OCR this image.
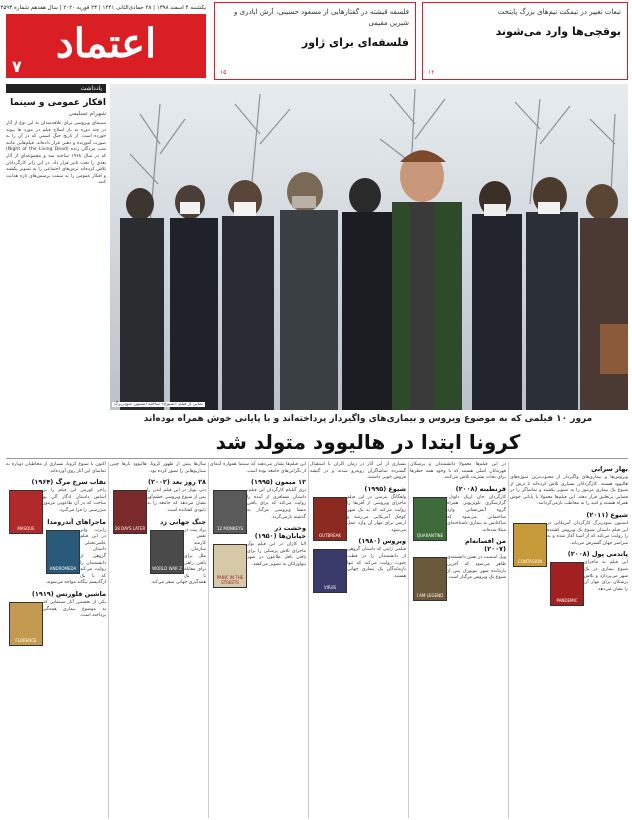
یکشنبه ۴ اسفند ۱۳۹۸ | ۲۸ جمادی‌الثانی ۱۴۴۱ | ۲۳ فوریه ۲۰۲۰ | سال هفدهم شماره ۴۵۹۳
اعتماد
۷
فلسفه قیشته در گفتارهایی از مسعود حسینی، آرش ابادری و شیرین مقیمی
فلسفه‌ای برای ژاور
۱۵
تبعات تغییر در تیمکت تیم‌های بزرگ پایتخت
بوقچی‌ها وارد می‌شوند
۱۲
یادداشت
افکار عمومی و سینما
شهرام تسلیمی
سینمای ویروسی برای علاقه‌مندان به این نوع از آثار در چند دوره به باز اصلاح فیلم در مورد ها پیوند خورده است. از تاریخ جنگ اسمی که در آن را به صورت آموزنده و ذهنی قرار داده‌اند. فیلم‌هایی مانند شب مردگان زنده (Night of the Living Dead) که در سال ۱۹۶۸ ساخته شد و مجموعه‌ای از آثار بعدی را تحت تاثیر قرار داد. در این ژانر کارگردانان تلاش کرده‌اند ترس‌های اجتماعی را به تصویر بکشند و افکار عمومی را به سمت پرسش‌های تازه هدایت کنند.
نمایی از فیلم «شیوع» ساخته استیون سودربرگ
مرور ۱۰ فیلمی که به موضوع ویروس و بیماری‌های واگیردار پرداخته‌اند و با پایانی خوش همراه بوده‌اند
کرونا ابتدا در هالیوود متولد شد
بهار سرابی
ویروس‌ها و بیماری‌های واگیردار از محبوب‌ترین سوژه‌های هالیوود هستند. کارگردانان بسیاری تلاش کرده‌اند تا ترس از شیوع یک بیماری مرموز را به تصویر بکشند و تماشاگر را در فضایی پرتعلیق قرار دهند. این فیلم‌ها معمولا با پایانی خوش همراه هستند و امید را به مخاطب بازمی‌گردانند.
شیوع (۲۰۱۱)
CONTAGION
استیون سودربرگ کارگردان آمریکایی در این فیلم داستان شیوع یک ویروس کشنده را روایت می‌کند که از آسیا آغاز شده و به سراسر جهان گسترش می‌یابد.
پاندمی پول (۲۰۰۸)
PANDEMIC
این فیلم به ماجرای شیوع بیماری در یک شهر می‌پردازد و تلاش پزشکان برای مهار آن را نشان می‌دهد.
در این فیلم‌ها معمولا دانشمندان و پزشکان قهرمانان اصلی هستند که با وجود همه خطرها برای نجات بشریت تلاش می‌کنند.
قرنطینه (۲۰۰۸)
QUARANTINE
کارگردان جان اریک داودل. گزارشگری تلویزیونی همراه گروه آتش‌نشانی وارد ساختمانی می‌شود که ساکنانش به بیماری ناشناخته‌ای مبتلا شده‌اند.
من افسانه‌ام (۲۰۰۷)
I AM LEGEND
ویل اسمیت در نقش دانشمندی ظاهر می‌شود که آخرین بازمانده شهر نیویورک پس از شیوع یک ویروس مرگبار است.
بسیاری از این آثار در زمان اکران با استقبال گسترده تماشاگران روبه‌رو شدند و در گیشه فروش خوبی داشتند.
شیوع (۱۹۹۵)
OUTBREAK
ولفگانگ پترسن در این فیلم ماجرای ویروسی از آفریقا را روایت می‌کند که به یک شهر کوچک آمریکایی می‌رسد و ارتش برای مهار آن وارد عمل می‌شود.
ویروس (۱۹۸۰)
VIRUS
فیلمی ژاپنی که داستان گروهی از دانشمندان را در قطب جنوب روایت می‌کند که تنها بازماندگان یک بیماری جهانی هستند.
این فیلم‌ها نشان می‌دهند که سینما همواره آینه‌ای از نگرانی‌های جامعه بوده است.
۱۲ میمون (۱۹۹۵)
12 MONKEYS
تری گیلیام کارگردان این فیلم، داستان مسافری از آینده را روایت می‌کند که برای یافتن منشا ویروسی مرگبار به گذشته بازمی‌گردد.
وحشت در خیابان‌ها (۱۹۵۰)
PANIC IN THE STREETS
الیا کازان در این فیلم نوآر ماجرای تلاش پزشکی را برای یافتن ناقل طاعون در شهر نیواورلئان به تصویر می‌کشد.
سال‌ها پیش از ظهور کرونا، هالیوود بارها چنین سناریوهایی را تصور کرده بود.
۲۸ روز بعد (۲۰۰۲)
28 DAYS LATER
دنی بویل در این فیلم لندن را پس از شیوع ویروسی خشم‌آور نشان می‌دهد که جامعه را به نابودی کشانده است.
جنگ جهانی زد
WORLD WAR Z
براد پیت در نقش کارمند سازمان ملل برای یافتن راهی برای مقابله با یک همه‌گیری جهانی سفر می‌کند.
اکنون با شیوع کرونا، بسیاری از مخاطبان دوباره به تماشای این آثار روی آورده‌اند.
نقاب سرخ مرگ (۱۹۶۴)
MASQUE
راجر کورمن این فیلم را بر اساس داستان ادگار آلن پو ساخت که در آن طاعونی مرموز سرزمینی را فرا می‌گیرد.
ماجراهای آندرومدا
ANDROMEDA
رابرت وایز در این فیلم علمی‌تخیلی داستان گروهی از دانشمندان را روایت می‌کند که با یک ارگانیسم بیگانه مواجه می‌شوند.
ماشین فلورنس (۱۹۱۹)
FLORENCE
یکی از نخستین آثار سینمایی که به موضوع بیماری همه‌گیر پرداخته است.
